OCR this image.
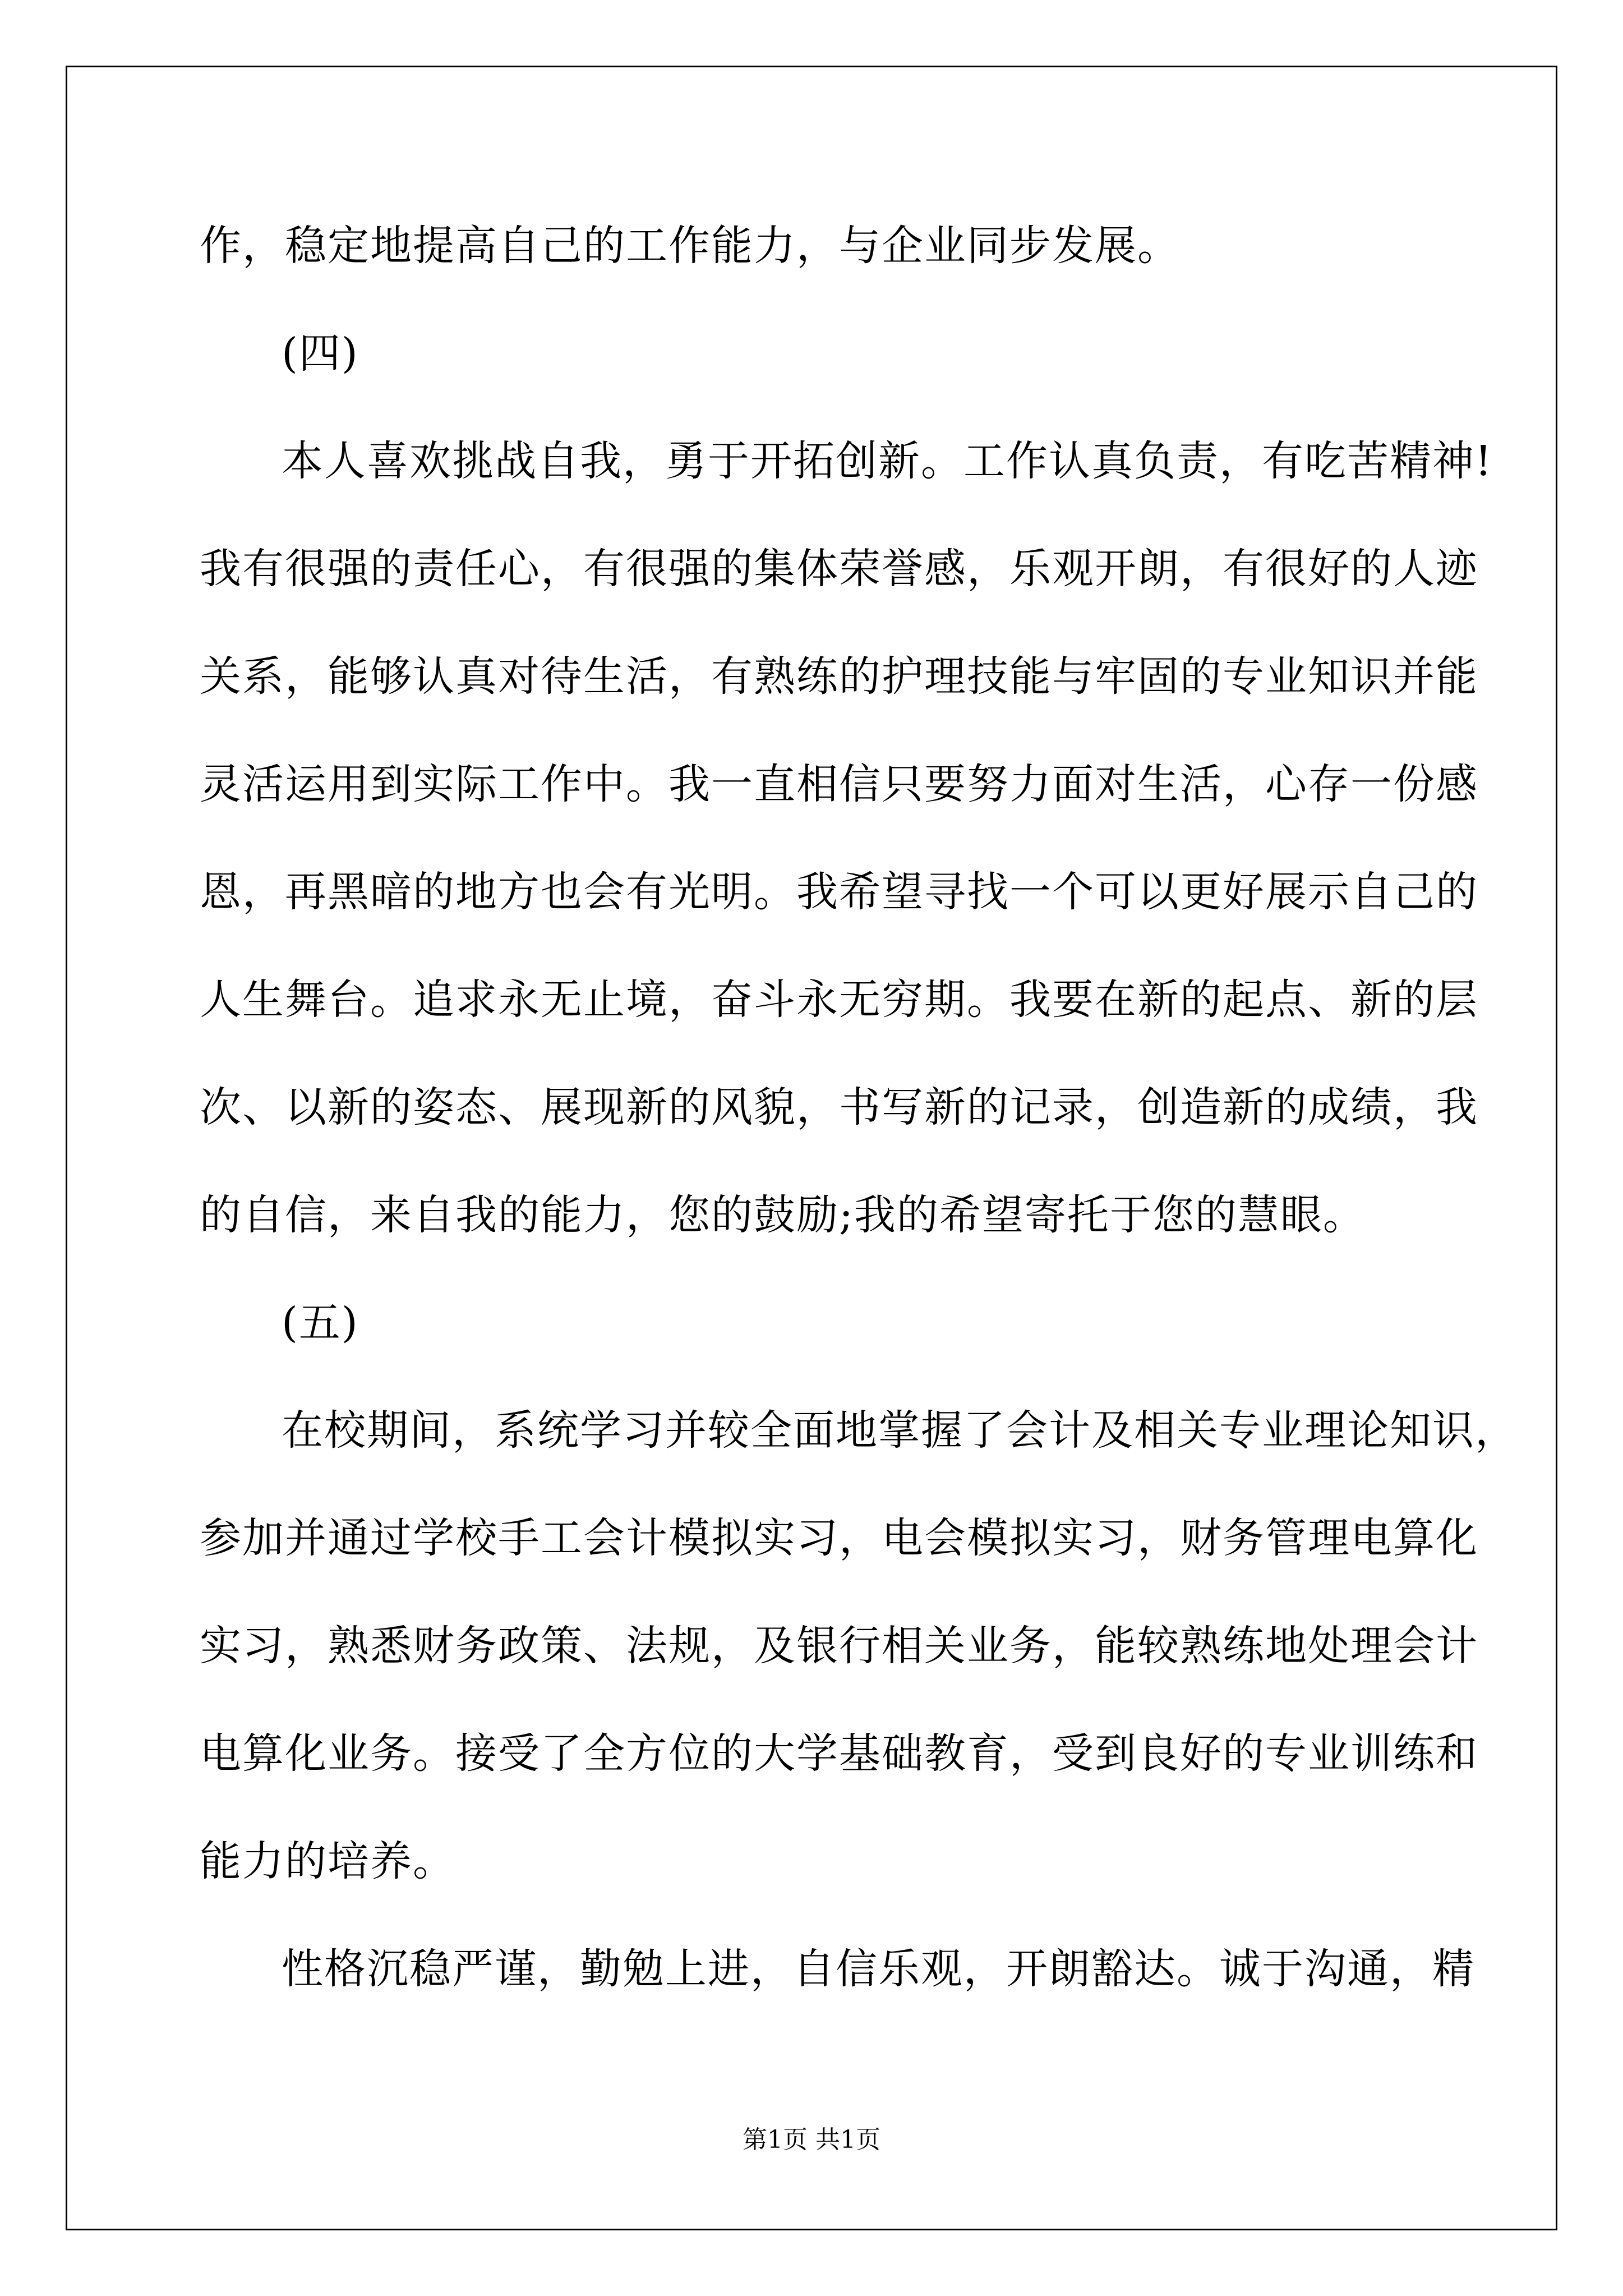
作，稳定地提高自己的工作能力，与企业同步发展。
(四)
本人喜欢挑战自我，勇于开拓创新。工作认真负责，有吃苦精神!
我有很强的责任心，有很强的集体荣誉感，乐观开朗，有很好的人迹
关系，能够认真对待生活，有熟练的护理技能与牢固的专业知识并能
灵活运用到实际工作中。我一直相信只要努力面对生活，心存一份感
恩，再黑暗的地方也会有光明。我希望寻找一个可以更好展示自己的
人生舞台。追求永无止境，奋斗永无穷期。我要在新的起点、新的层
次、以新的姿态、展现新的风貌，书写新的记录，创造新的成绩，我
的自信，来自我的能力，您的鼓励;我的希望寄托于您的慧眼。
(五)
在校期间，系统学习并较全面地掌握了会计及相关专业理论知识，
参加并通过学校手工会计模拟实习，电会模拟实习，财务管理电算化
实习，熟悉财务政策、法规，及银行相关业务，能较熟练地处理会计
电算化业务。接受了全方位的大学基础教育，受到良好的专业训练和
能力的培养。
性格沉稳严谨，勤勉上进，自信乐观，开朗豁达。诚于沟通，精
第1页 共1页
